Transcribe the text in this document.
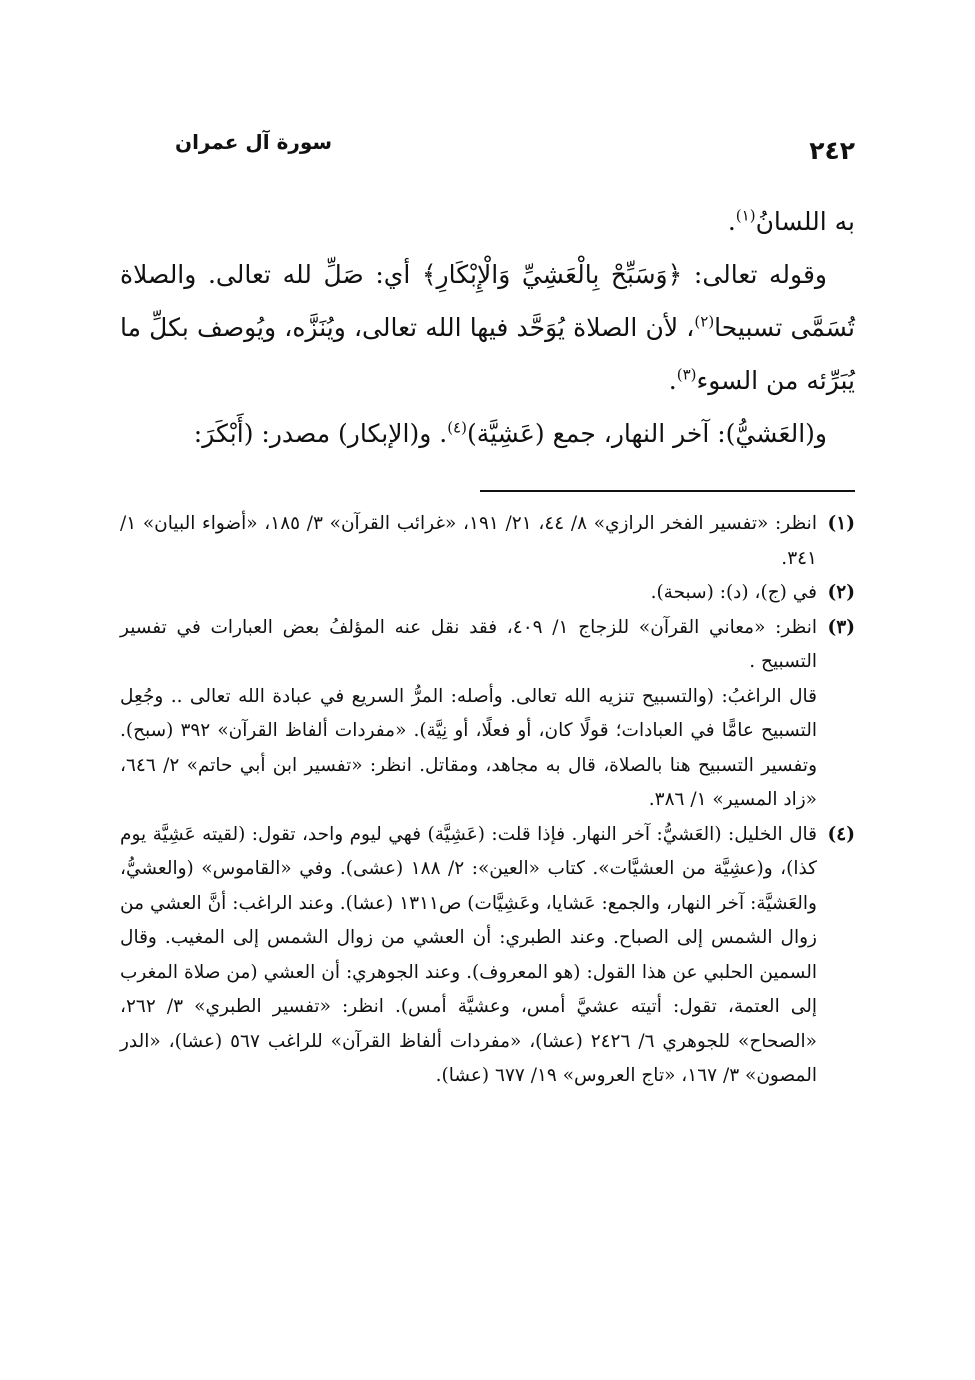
سورة آل عمران	٢٤٢

به اللسانُ$^{(١)}$.

وقوله تعالى: ﴿وَسَبِّحْ بِالْعَشِيِّ وَالْإِبْكَارِ﴾ أي: صَلِّ لله تعالى. والصلاة تُسَمَّى تسبيحا$^{(٢)}$، لأن الصلاة يُوَحَّد فيها الله تعالى، ويُنَزَّه، ويُوصف بكلِّ ما يُبَرِّئه من السوء$^{(٣)}$.

و(العَشيُّ): آخر النهار، جمع (عَشِيَّة)$^{(٤)}$. و(الإبكار) مصدر: (أَبْكَرَ:

(١)

انظر: «تفسير الفخر الرازي» ٨/ ٤٤، ٢١/ ١٩١، «غرائب القرآن» ٣/ ١٨٥، «أضواء البيان» ١/ ٣٤١.

(٢)

في (ج)، (د): (سبحة).

(٣)

انظر: «معاني القرآن» للزجاج ١/ ٤٠٩، فقد نقل عنه المؤلفُ بعض العبارات في تفسير التسبيح .

قال الراغبُ: (والتسبيح تنزيه الله تعالى. وأصله: المرُّ السريع في عبادة الله تعالى .. وجُعِل التسبيح عامًّا في العبادات؛ قولًا كان، أو فعلًا، أو نِيَّة). «مفردات ألفاظ القرآن» ٣٩٢ (سبح). وتفسير التسبيح هنا بالصلاة، قال به مجاهد، ومقاتل. انظر: «تفسير ابن أبي حاتم» ٢/ ٦٤٦، «زاد المسير» ١/ ٣٨٦.

(٤)

قال الخليل: (العَشيُّ: آخر النهار. فإذا قلت: (عَشِيَّة) فهي ليوم واحد، تقول: (لقيته عَشِيَّة يوم كذا)، و(عشِيَّة من العشيَّات». كتاب «العين»: ٢/ ١٨٨ (عشى). وفي «القاموس» (والعشيُّ، والعَشيَّة: آخر النهار، والجمع: عَشايا، وعَشِيَّات) ص١٣١١ (عشا). وعند الراغب: أنَّ العشي من زوال الشمس إلى الصباح. وعند الطبري: أن العشي من زوال الشمس إلى المغيب. وقال السمين الحلبي عن هذا القول: (هو المعروف). وعند الجوهري: أن العشي (من صلاة المغرب إلى العتمة، تقول: أتيته عشيَّ أمس، وعشيَّة أمس). انظر: «تفسير الطبري» ٣/ ٢٦٢، «الصحاح» للجوهري ٦/ ٢٤٢٦ (عشا)، «مفردات ألفاظ القرآن» للراغب ٥٦٧ (عشا)، «الدر المصون» ٣/ ١٦٧، «تاج العروس» ١٩/ ٦٧٧ (عشا).
